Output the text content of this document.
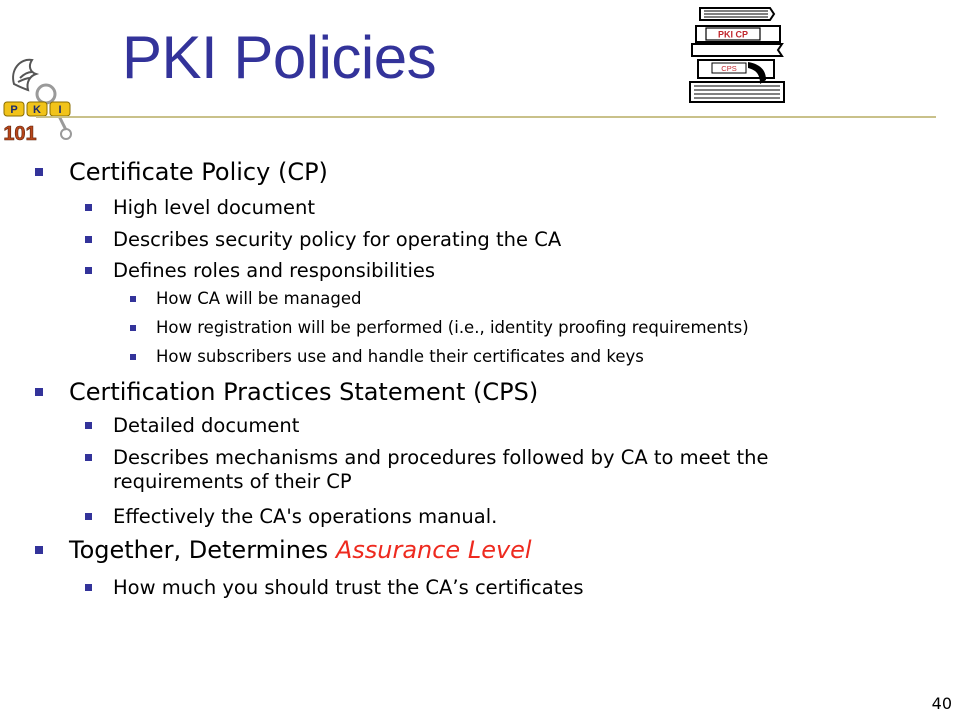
P K I
101
PKI Policies	PKI CP
CPS
Certificate Policy (CP)
High level document
Describes security policy for operating the CA
Defines roles and responsibilities
How CA will be managed
How registration will be performed (i.e., identity proofing requirements)
How subscribers use and handle their certificates and keys
Certification Practices Statement (CPS)
Detailed document
Describes mechanisms and procedures followed by CA to meet the
requirements of their CP
Effectively the CA's operations manual.
Together, Determines Assurance Level
How much you should trust the CA’s certificates
40
